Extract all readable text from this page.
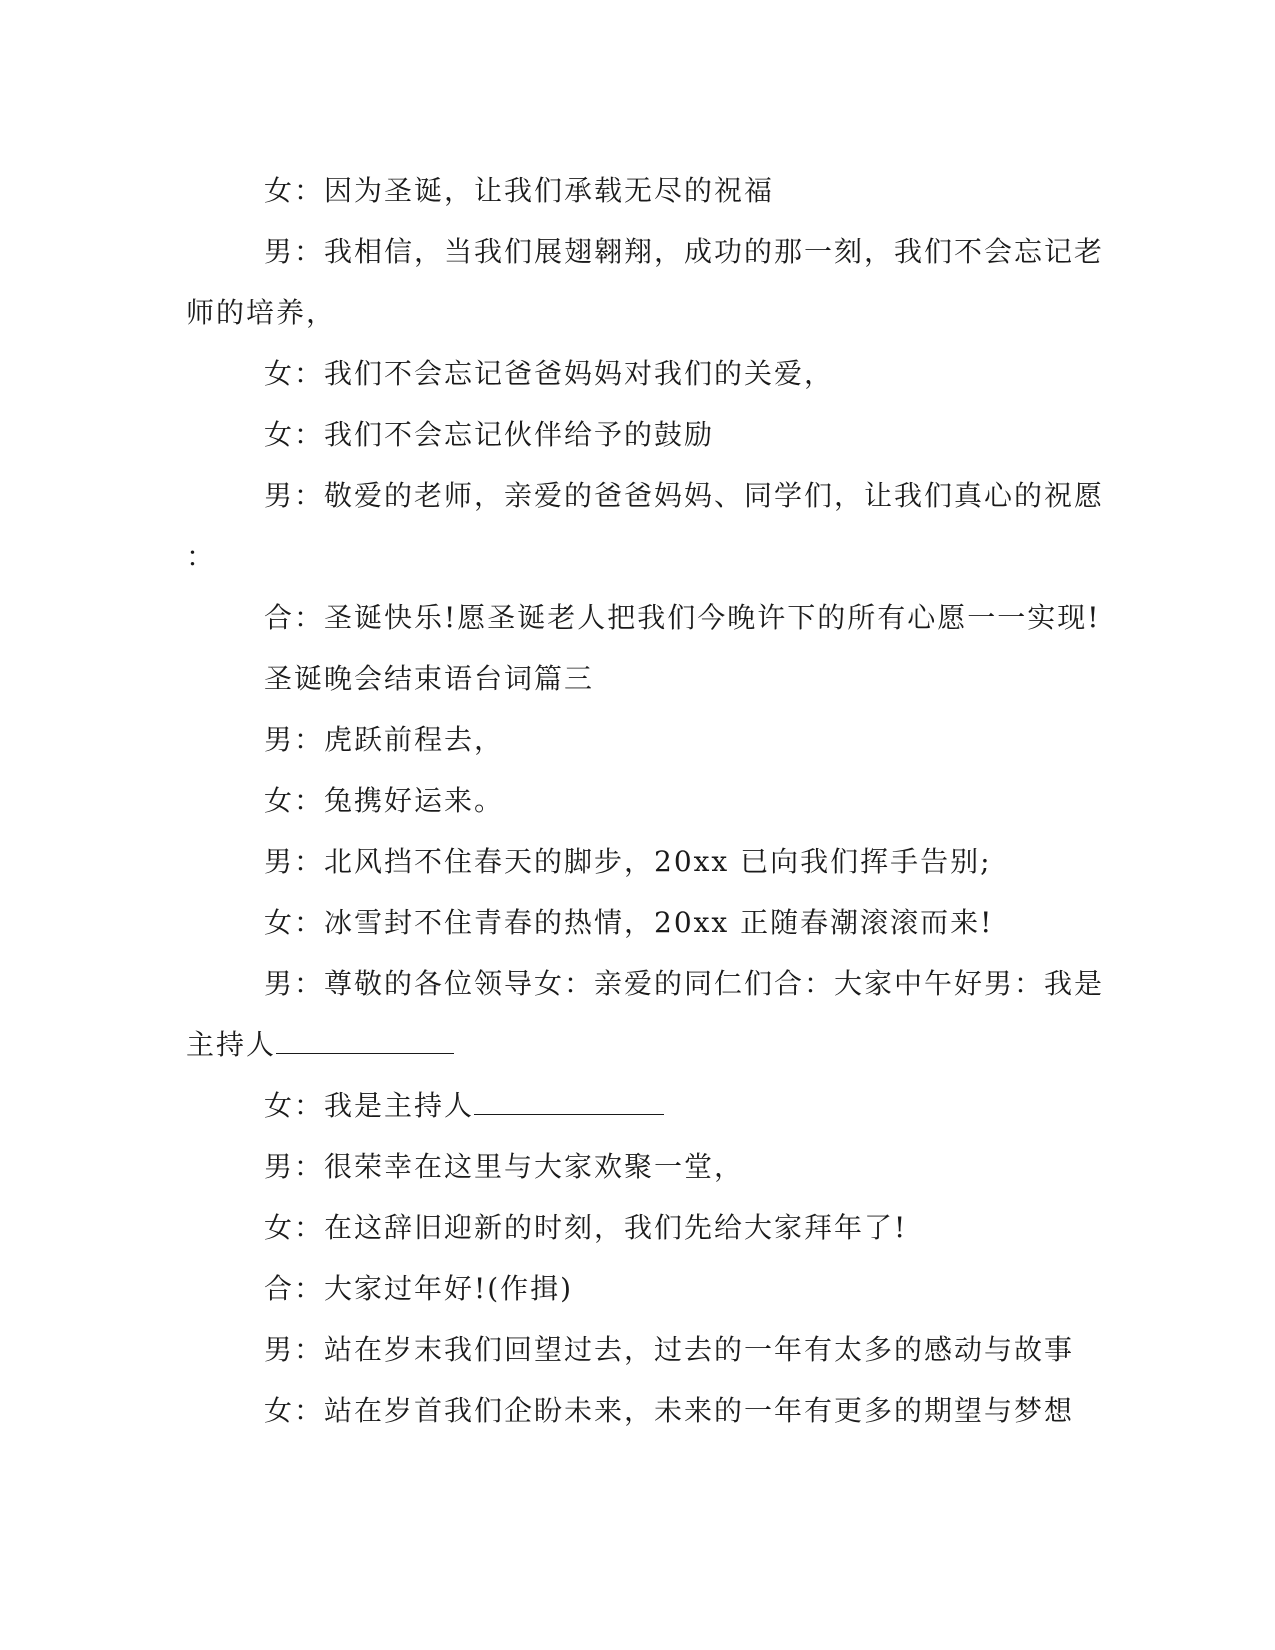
女：因为圣诞，让我们承载无尽的祝福
男：我相信，当我们展翅翱翔，成功的那一刻，我们不会忘记老
师的培养，
女：我们不会忘记爸爸妈妈对我们的关爱，
女：我们不会忘记伙伴给予的鼓励
男：敬爱的老师，亲爱的爸爸妈妈、同学们，让我们真心的祝愿
：
合：圣诞快乐!愿圣诞老人把我们今晚许下的所有心愿一一实现!
圣诞晚会结束语台词篇三
男：虎跃前程去，
女：兔携好运来。
男：北风挡不住春天的脚步，20xx 已向我们挥手告别;
女：冰雪封不住青春的热情，20xx 正随春潮滚滚而来!
男：尊敬的各位领导女：亲爱的同仁们合：大家中午好男：我是
主持人
女：我是主持人
男：很荣幸在这里与大家欢聚一堂，
女：在这辞旧迎新的时刻，我们先给大家拜年了!
合：大家过年好!(作揖)
男：站在岁末我们回望过去，过去的一年有太多的感动与故事
女：站在岁首我们企盼未来，未来的一年有更多的期望与梦想
